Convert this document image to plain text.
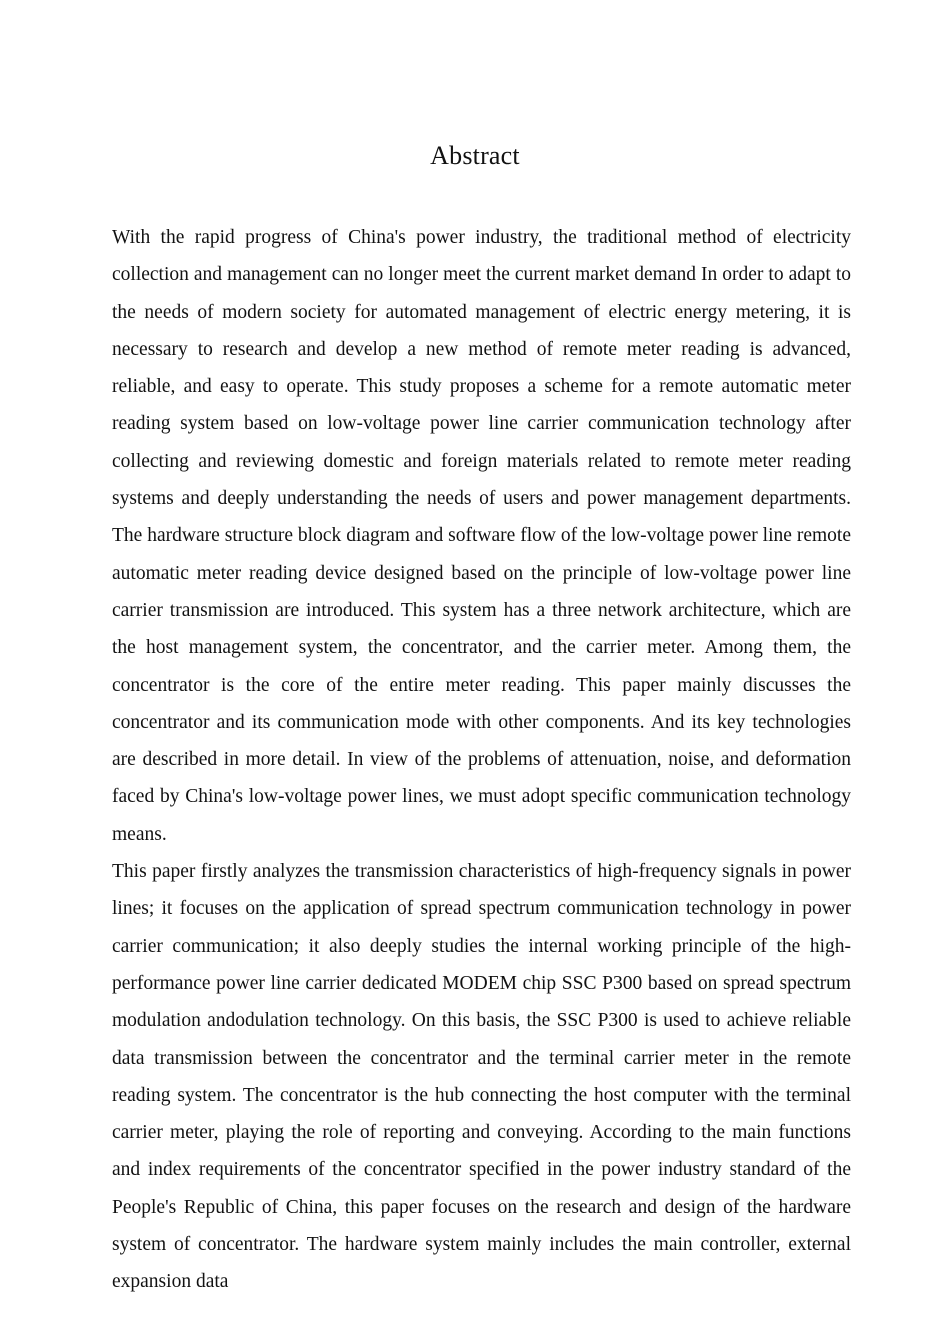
Abstract

With the rapid progress of China's power industry, the traditional method of electricity collection and management can no longer meet the current market demand In order to adapt to the needs of modern society for automated management of electric energy metering, it is necessary to research and develop a new method of remote meter reading is advanced, reliable, and easy to operate. This study proposes a scheme for a remote automatic meter reading system based on low-voltage power line carrier communication technology after collecting and reviewing domestic and foreign materials related to remote meter reading systems and deeply understanding the needs of users and power management departments. The hardware structure block diagram and software flow of the low-voltage power line remote automatic meter reading device designed based on the principle of low-voltage power line carrier transmission are introduced. This system has a three network architecture, which are the host management system, the concentrator, and the carrier meter. Among them, the concentrator is the core of the entire meter reading. This paper mainly discusses the concentrator and its communication mode with other components. And its key technologies are described in more detail. In view of the problems of attenuation, noise, and deformation faced by China's low-voltage power lines, we must adopt specific communication technology means.

This paper firstly analyzes the transmission characteristics of high-frequency signals in power lines; it focuses on the application of spread spectrum communication technology in power carrier communication; it also deeply studies the internal working principle of the high-performance power line carrier dedicated MODEM chip SSC P300 based on spread spectrum modulation andodulation technology. On this basis, the SSC P300 is used to achieve reliable data transmission between the concentrator and the terminal carrier meter in the remote reading system. The concentrator is the hub connecting the host computer with the terminal carrier meter, playing the role of reporting and conveying. According to the main functions and index requirements of the concentrator specified in the power industry standard of the People's Republic of China, this paper focuses on the research and design of the hardware system of concentrator. The hardware system mainly includes the main controller, external expansion data
